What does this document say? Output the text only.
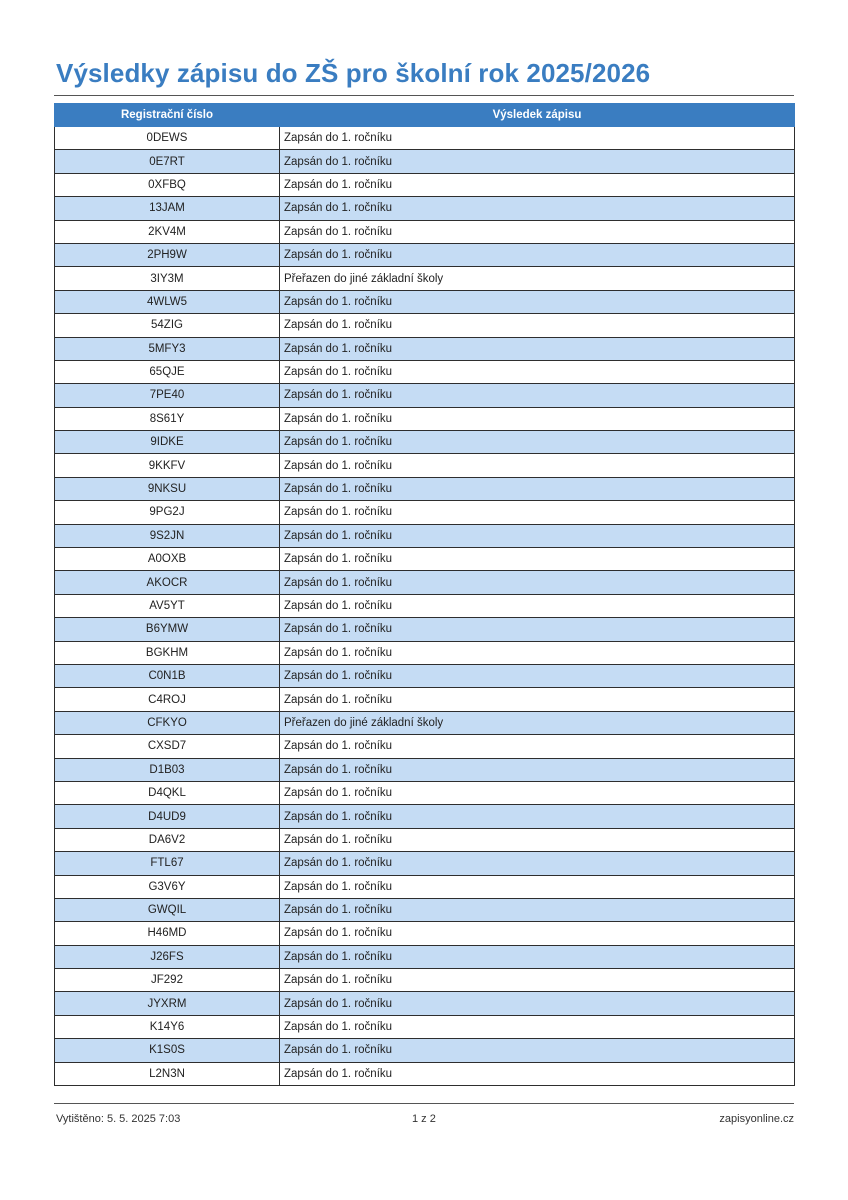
Výsledky zápisu do ZŠ pro školní rok 2025/2026
Registrační číslo	Výsledek zápisu
0DEWS	Zapsán do 1. ročníku
0E7RT	Zapsán do 1. ročníku
0XFBQ	Zapsán do 1. ročníku
13JAM	Zapsán do 1. ročníku
2KV4M	Zapsán do 1. ročníku
2PH9W	Zapsán do 1. ročníku
3IY3M	Přeřazen do jiné základní školy
4WLW5	Zapsán do 1. ročníku
54ZIG	Zapsán do 1. ročníku
5MFY3	Zapsán do 1. ročníku
65QJE	Zapsán do 1. ročníku
7PE40	Zapsán do 1. ročníku
8S61Y	Zapsán do 1. ročníku
9IDKE	Zapsán do 1. ročníku
9KKFV	Zapsán do 1. ročníku
9NKSU	Zapsán do 1. ročníku
9PG2J	Zapsán do 1. ročníku
9S2JN	Zapsán do 1. ročníku
A0OXB	Zapsán do 1. ročníku
AKOCR	Zapsán do 1. ročníku
AV5YT	Zapsán do 1. ročníku
B6YMW	Zapsán do 1. ročníku
BGKHM	Zapsán do 1. ročníku
C0N1B	Zapsán do 1. ročníku
C4ROJ	Zapsán do 1. ročníku
CFKYO	Přeřazen do jiné základní školy
CXSD7	Zapsán do 1. ročníku
D1B03	Zapsán do 1. ročníku
D4QKL	Zapsán do 1. ročníku
D4UD9	Zapsán do 1. ročníku
DA6V2	Zapsán do 1. ročníku
FTL67	Zapsán do 1. ročníku
G3V6Y	Zapsán do 1. ročníku
GWQIL	Zapsán do 1. ročníku
H46MD	Zapsán do 1. ročníku
J26FS	Zapsán do 1. ročníku
JF292	Zapsán do 1. ročníku
JYXRM	Zapsán do 1. ročníku
K14Y6	Zapsán do 1. ročníku
K1S0S	Zapsán do 1. ročníku
L2N3N	Zapsán do 1. ročníku
Vytištěno: 5. 5. 2025 7:03	1 z 2	zapisyonline.cz
